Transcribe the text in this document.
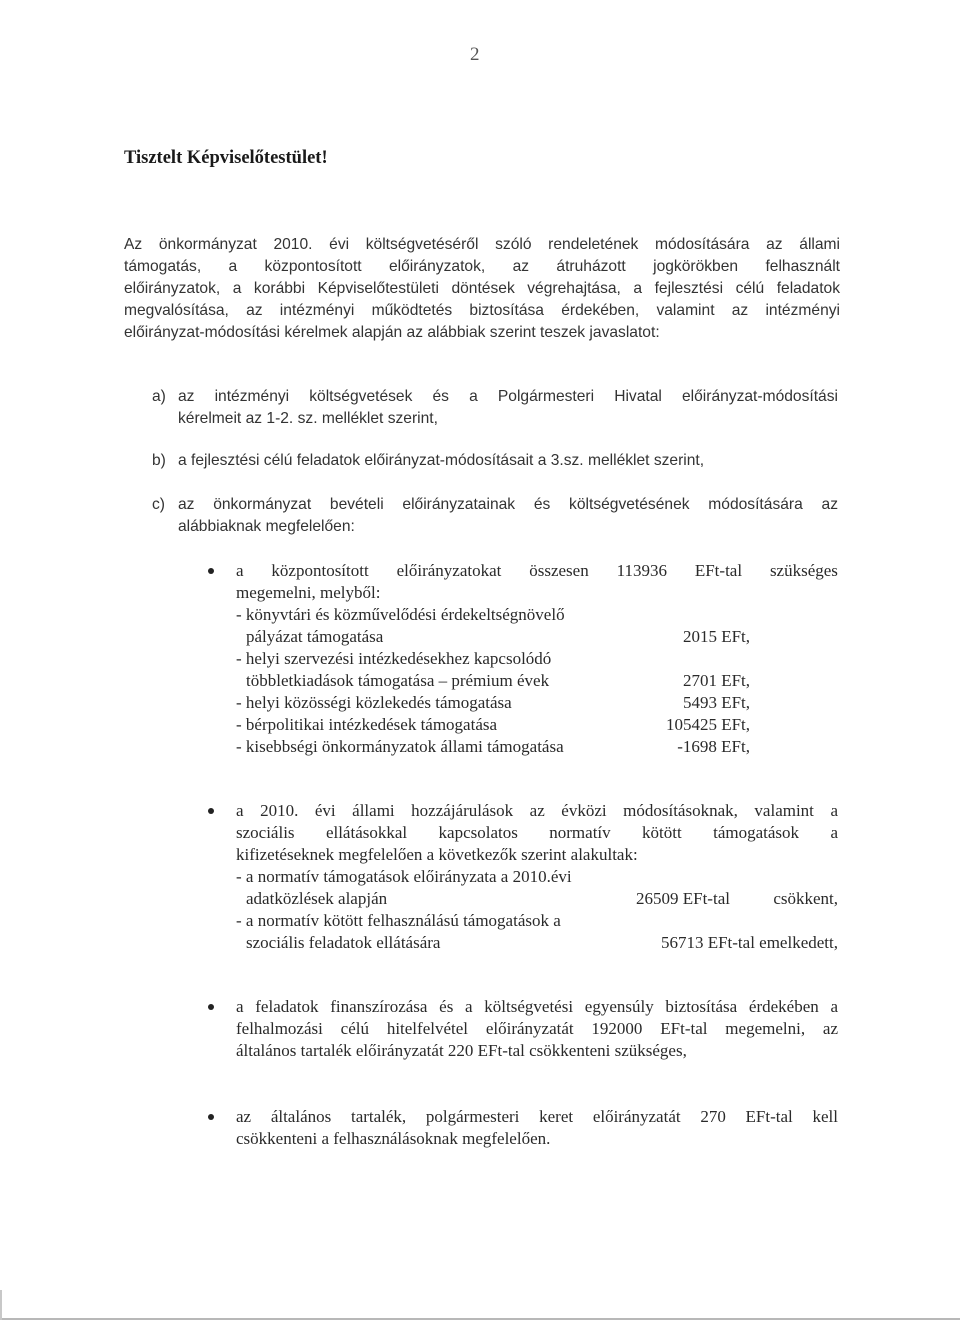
2
Tisztelt Képviselőtestület!
Az önkormányzat 2010. évi költségvetéséről szóló rendeletének módosítására az állami
támogatás, a központosított előirányzatok, az átruházott jogkörökben felhasznált
előirányzatok, a korábbi Képviselőtestületi döntések végrehajtása, a fejlesztési célú feladatok
megvalósítása, az intézményi működtetés biztosítása érdekében, valamint az intézményi
előirányzat-módosítási kérelmek alapján az alábbiak szerint teszek javaslatot:
a) az intézményi költségvetések és a Polgármesteri Hivatal előirányzat-módosítási
kérelmeit az 1-2. sz. melléklet szerint,
b) a fejlesztési célú feladatok előirányzat-módosításait a 3.sz. melléklet szerint,
c) az önkormányzat bevételi előirányzatainak és költségvetésének módosítására az
alábbiaknak megfelelően:
a központosított előirányzatokat összesen 113936 EFt-tal szükséges
megemelni, melyből:
- könyvtári és közművelődési érdekeltségnövelő
pályázat támogatása	2015 EFt,
- helyi szervezési intézkedésekhez kapcsolódó
többletkiadások támogatása – prémium évek	2701 EFt,
- helyi közösségi közlekedés támogatása	5493 EFt,
- bérpolitikai intézkedések támogatása	105425 EFt,
- kisebbségi önkormányzatok állami támogatása	-1698 EFt,
a 2010. évi állami hozzájárulások az évközi módosításoknak, valamint a
szociális ellátásokkal kapcsolatos normatív kötött támogatások a
kifizetéseknek megfelelően a következők szerint alakultak:
- a normatív támogatások előirányzata a 2010.évi
adatközlések alapján	26509 EFt-tal	csökkent,
- a normatív kötött felhasználású támogatások a
szociális feladatok ellátására	56713 EFt-tal emelkedett,
a feladatok finanszírozása és a költségvetési egyensúly biztosítása érdekében a
felhalmozási célú hitelfelvétel előirányzatát 192000 EFt-tal megemelni, az
általános tartalék előirányzatát 220 EFt-tal csökkenteni szükséges,
az általános tartalék, polgármesteri keret előirányzatát 270 EFt-tal kell
csökkenteni a felhasználásoknak megfelelően.
